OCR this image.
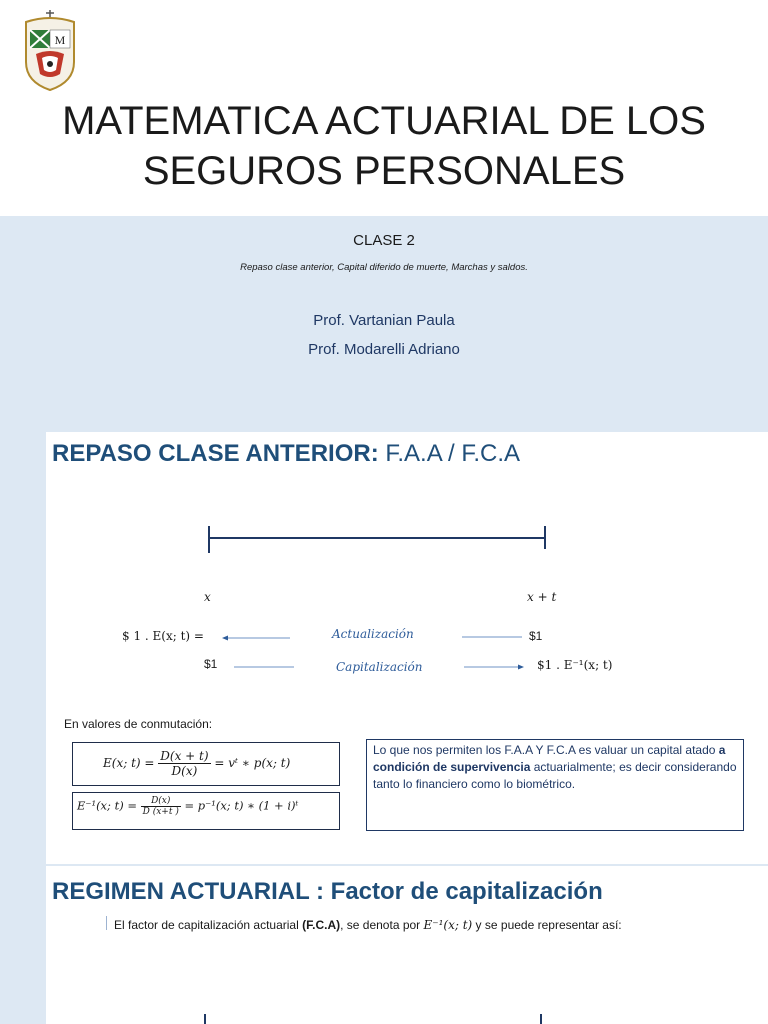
M
MATEMATICA ACTUARIAL DE LOS
SEGUROS PERSONALES
CLASE 2
Repaso clase anterior, Capital diferido de muerte, Marchas y saldos.
Prof. Vartanian Paula
Prof. Modarelli Adriano
REPASO CLASE ANTERIOR: F.A.A / F.C.A
x	x + t
$ 1 . E(x; t) =	Actualización	$1
$1	Capitalización	$1 . E⁻¹(x; t)
En valores de conmutación:
E(x; $t) = \frac{D(x + t)}{D(x)}$ = vᵗ ∗ p(x; t)
E⁻¹(x; $t) = \frac{D(x)}{D (x+t )} = p^{-1}(x$; t) ∗ (1 + i)ᵗ
Lo que nos permiten los F.A.A Y F.C.A es valuar un capital atado a condición de supervivencia actuarialmente; es decir considerando tanto lo financiero como lo biométrico.
REGIMEN ACTUARIAL : Factor de capitalización
El factor de capitalización actuarial (F.C.A), se denota por E⁻¹(x; t) y se puede representar así:
